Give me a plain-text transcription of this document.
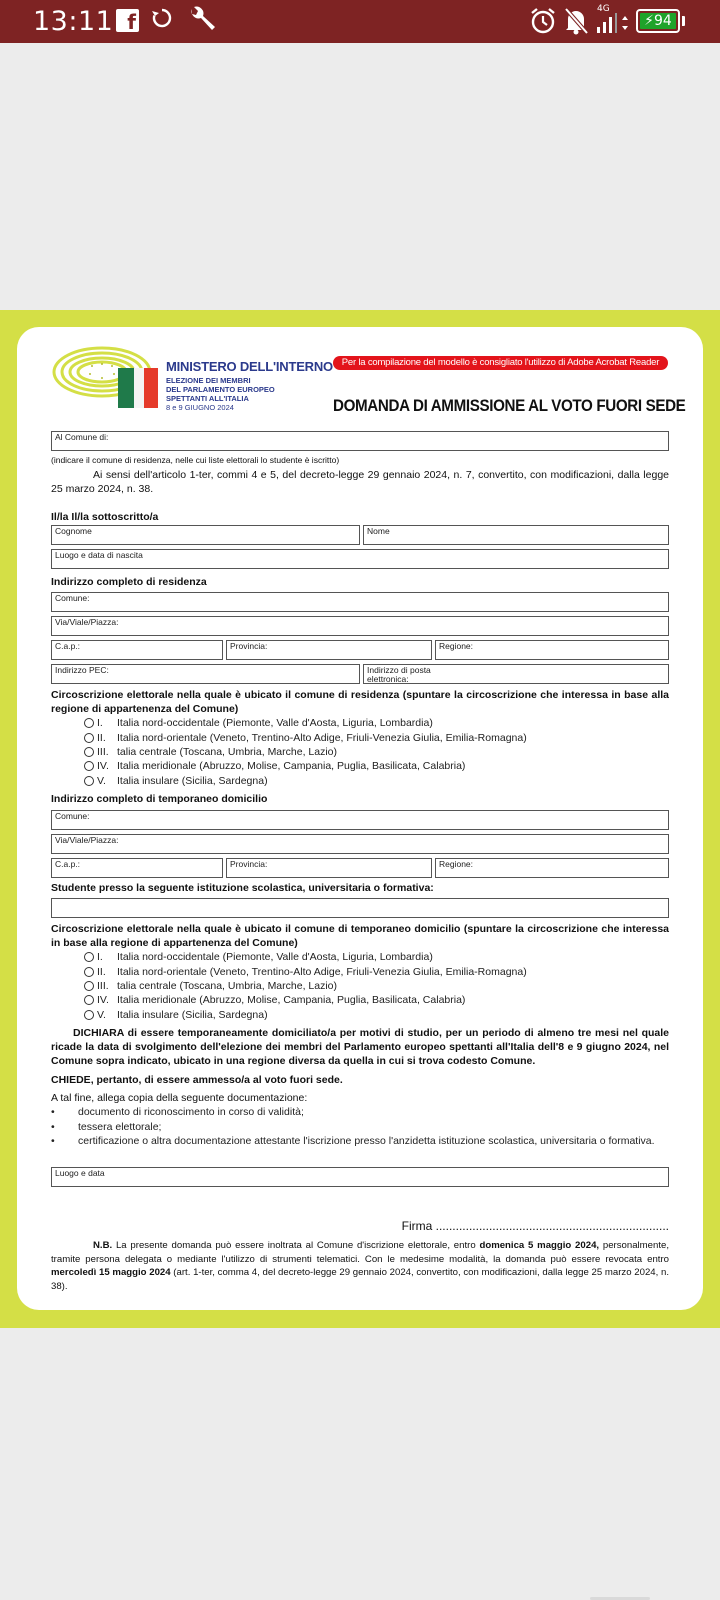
13:11 f
4G
⚡94
MINISTERO DELL'INTERNO
ELEZIONE DEI MEMBRI
DEL PARLAMENTO EUROPEO
SPETTANTI ALL'ITALIA
8 e 9 GIUGNO 2024
Per la compilazione del modello è consigliato l'utilizzo di Adobe Acrobat Reader
DOMANDA DI AMMISSIONE AL VOTO FUORI SEDE
Al Comune di:
(indicare il comune di residenza, nelle cui liste elettorali lo studente è iscritto)
Ai sensi dell'articolo 1-ter, commi 4 e 5, del decreto-legge 29 gennaio 2024, n. 7, convertito, con modificazioni, dalla legge 25 marzo 2024, n. 38.
Il/la Il/la sottoscritto/a
Cognome	Nome
Luogo e data di nascita
Indirizzo completo di residenza
Comune:
Via/Viale/Piazza:
C.a.p.:	Provincia:	Regione:
Indirizzo PEC:	Indirizzo di posta
elettronica:
Circoscrizione elettorale nella quale è ubicato il comune di residenza (spuntare la circoscrizione che interessa in base alla regione di appartenenza del Comune)
I.	Italia nord-occidentale (Piemonte, Valle d'Aosta, Liguria, Lombardia)
II.	Italia nord-orientale (Veneto, Trentino-Alto Adige, Friuli-Venezia Giulia, Emilia-Romagna)
III. talia centrale (Toscana, Umbria, Marche, Lazio)
IV. Italia meridionale (Abruzzo, Molise, Campania, Puglia, Basilicata, Calabria)
V.	Italia insulare (Sicilia, Sardegna)
Indirizzo completo di temporaneo domicilio
Comune:
Via/Viale/Piazza:
C.a.p.:	Provincia:	Regione:
Studente presso la seguente istituzione scolastica, universitaria o formativa:
Circoscrizione elettorale nella quale è ubicato il comune di temporaneo domicilio (spuntare la circoscrizione che interessa in base alla regione di appartenenza del Comune)
I.	Italia nord-occidentale (Piemonte, Valle d'Aosta, Liguria, Lombardia)
II.	Italia nord-orientale (Veneto, Trentino-Alto Adige, Friuli-Venezia Giulia, Emilia-Romagna)
III. talia centrale (Toscana, Umbria, Marche, Lazio)
IV. Italia meridionale (Abruzzo, Molise, Campania, Puglia, Basilicata, Calabria)
V.	Italia insulare (Sicilia, Sardegna)
DICHIARA di essere temporaneamente domiciliato/a per motivi di studio, per un periodo di almeno tre mesi nel quale ricade la data di svolgimento dell'elezione dei membri del Parlamento europeo spettanti all'Italia dell'8 e 9 giugno 2024, nel Comune sopra indicato, ubicato in una regione diversa da quella in cui si trova codesto Comune.
CHIEDE, pertanto, di essere ammesso/a al voto fuori sede.
A tal fine, allega copia della seguente documentazione:
•	documento di riconoscimento in corso di validità;
•	tessera elettorale;
•	certificazione o altra documentazione attestante l'iscrizione presso l'anzidetta istituzione scolastica, universitaria o formativa.
Luogo e data
Firma ......................................................................
N.B. La presente domanda può essere inoltrata al Comune d'iscrizione elettorale, entro domenica 5 maggio 2024, personalmente, tramite persona delegata o mediante l'utilizzo di strumenti telematici. Con le medesime modalità, la domanda può essere revocata entro mercoledì 15 maggio 2024 (art. 1-ter, comma 4, del decreto-legge 29 gennaio 2024, convertito, con modificazioni, dalla legge 25 marzo 2024, n. 38).
